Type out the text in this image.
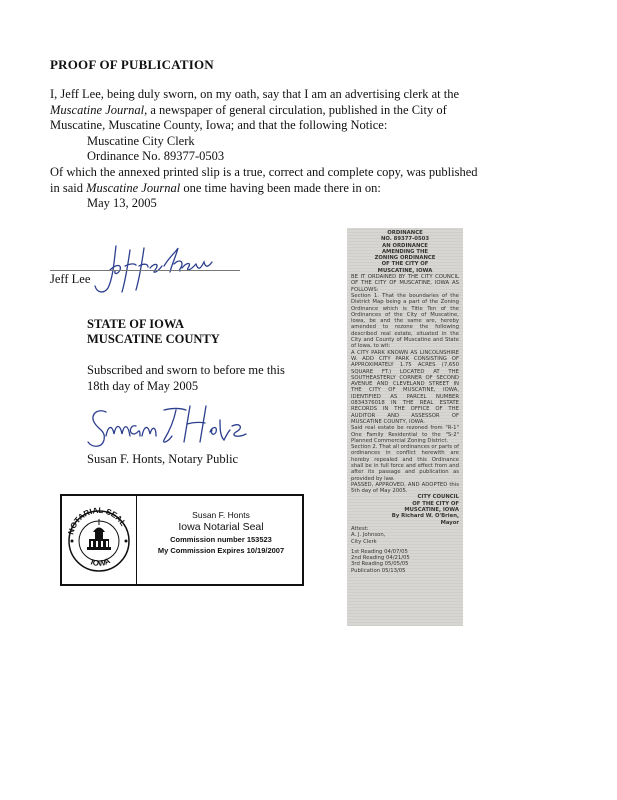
PROOF OF PUBLICATION

I, Jeff Lee, being duly sworn, on my oath, say that I am an advertising clerk at the

Muscatine Journal, a newspaper of general circulation, published in the City of

Muscatine, Muscatine County, Iowa; and that the following Notice:

Muscatine City Clerk

Ordinance No. 89377-0503

Of which the annexed printed slip is a true, correct and complete copy, was published

in said Muscatine Journal one time having been made there in on:

May 13, 2005

Jeff Lee
Jeff Lee
STATE OF IOWA
MUSCATINE COUNTY
Subscribed and sworn to before me this
18th day of May 2005
Susan F Honts
Susan F. Honts, Notary Public
NOTARIAL SEAL
IOWA
Susan F. Honts
Iowa Notarial Seal
Commission number 153523
My Commission Expires 10/19/2007
ORDINANCE
NO. 89377-0503
AN ORDINANCE
AMENDING THE
ZONING ORDINANCE
OF THE CITY OF
MUSCATINE, IOWA
BE IT ORDAINED BY THE CITY COUNCIL OF THE CITY OF MUSCATINE, IOWA AS FOLLOWS:
Section 1. That the boundaries of the District Map being a part of the Zoning Ordinance which is Title Ten of the Ordinances of the City of Muscatine, Iowa, be and the same are, hereby amended to rezone the following described real estate, situated in the City and County of Muscatine and State of Iowa, to wit:
A CITY PARK KNOWN AS LINCOLNSHIRE W. ADD CITY PARK CONSISTING OF APPROXIMATELY 1.75 ACRES (7,650 SQUARE FT.) LOCATED AT THE SOUTHEASTERLY CORNER OF SECOND AVENUE AND CLEVELAND STREET IN THE CITY OF MUSCATINE, IOWA, IDENTIFIED AS PARCEL NUMBER 0834376018 IN THE REAL ESTATE RECORDS IN THE OFFICE OF THE AUDITOR AND ASSESSOR OF MUSCATINE COUNTY, IOWA.
Said real estate be rezoned from "R-1" One Family Residential to the "S-2" Planned Commercial Zoning District.
Section 2. That all ordinances or parts of ordinances in conflict herewith are hereby repealed and this Ordinance shall be in full force and effect from and after its passage and publication as provided by law.
PASSED, APPROVED, AND ADOPTED this 5th day of May 2005.
CITY COUNCIL
OF THE CITY OF
MUSCATINE, IOWA
By Richard W. O'Brien,
Mayor
Attest:
A. J. Johnson,
City Clerk
1st Reading 04/07/05
2nd Reading 04/21/05
3rd Reading 05/05/05
Publication 05/13/05
